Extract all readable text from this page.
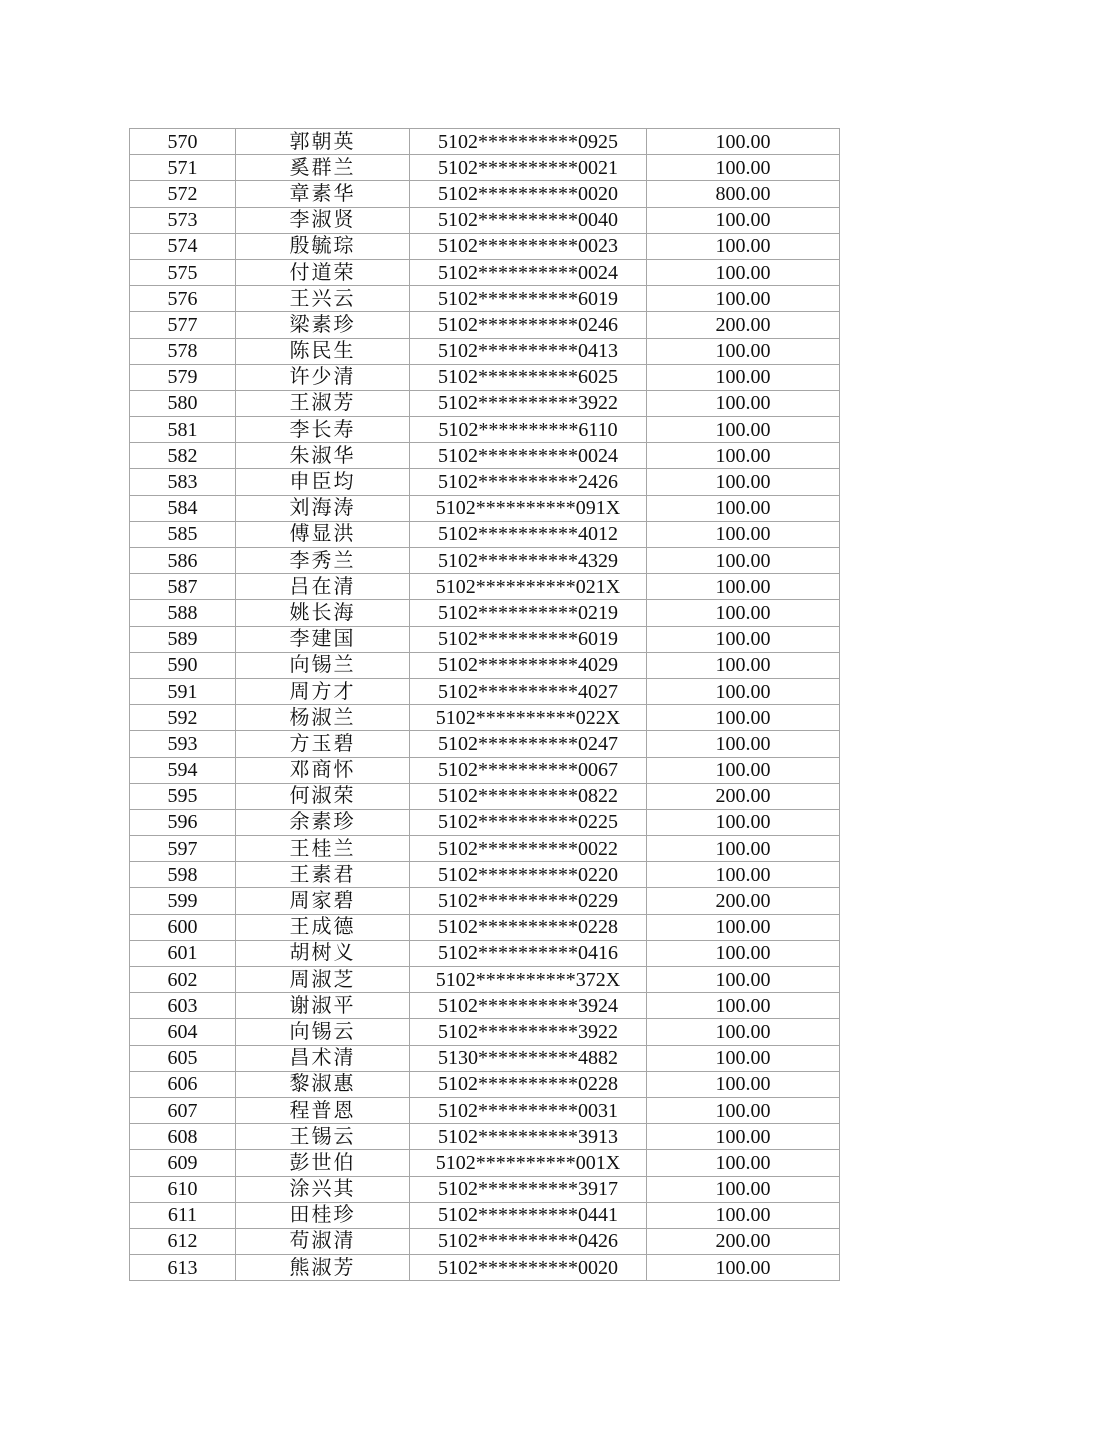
570	郭朝英	5102**********0925	100.00
571	奚群兰	5102**********0021	100.00
572	章素华	5102**********0020	800.00
573	李淑贤	5102**********0040	100.00
574	殷毓琮	5102**********0023	100.00
575	付道荣	5102**********0024	100.00
576	王兴云	5102**********6019	100.00
577	梁素珍	5102**********0246	200.00
578	陈民生	5102**********0413	100.00
579	许少清	5102**********6025	100.00
580	王淑芳	5102**********3922	100.00
581	李长寿	5102**********6110	100.00
582	朱淑华	5102**********0024	100.00
583	申臣均	5102**********2426	100.00
584	刘海涛	5102**********091X	100.00
585	傅显洪	5102**********4012	100.00
586	李秀兰	5102**********4329	100.00
587	吕在清	5102**********021X	100.00
588	姚长海	5102**********0219	100.00
589	李建国	5102**********6019	100.00
590	向锡兰	5102**********4029	100.00
591	周方才	5102**********4027	100.00
592	杨淑兰	5102**********022X	100.00
593	方玉碧	5102**********0247	100.00
594	邓商怀	5102**********0067	100.00
595	何淑荣	5102**********0822	200.00
596	余素珍	5102**********0225	100.00
597	王桂兰	5102**********0022	100.00
598	王素君	5102**********0220	100.00
599	周家碧	5102**********0229	200.00
600	王成德	5102**********0228	100.00
601	胡树义	5102**********0416	100.00
602	周淑芝	5102**********372X	100.00
603	谢淑平	5102**********3924	100.00
604	向锡云	5102**********3922	100.00
605	昌术清	5130**********4882	100.00
606	黎淑惠	5102**********0228	100.00
607	程普恩	5102**********0031	100.00
608	王锡云	5102**********3913	100.00
609	彭世伯	5102**********001X	100.00
610	涂兴其	5102**********3917	100.00
611	田桂珍	5102**********0441	100.00
612	苟淑清	5102**********0426	200.00
613	熊淑芳	5102**********0020	100.00
